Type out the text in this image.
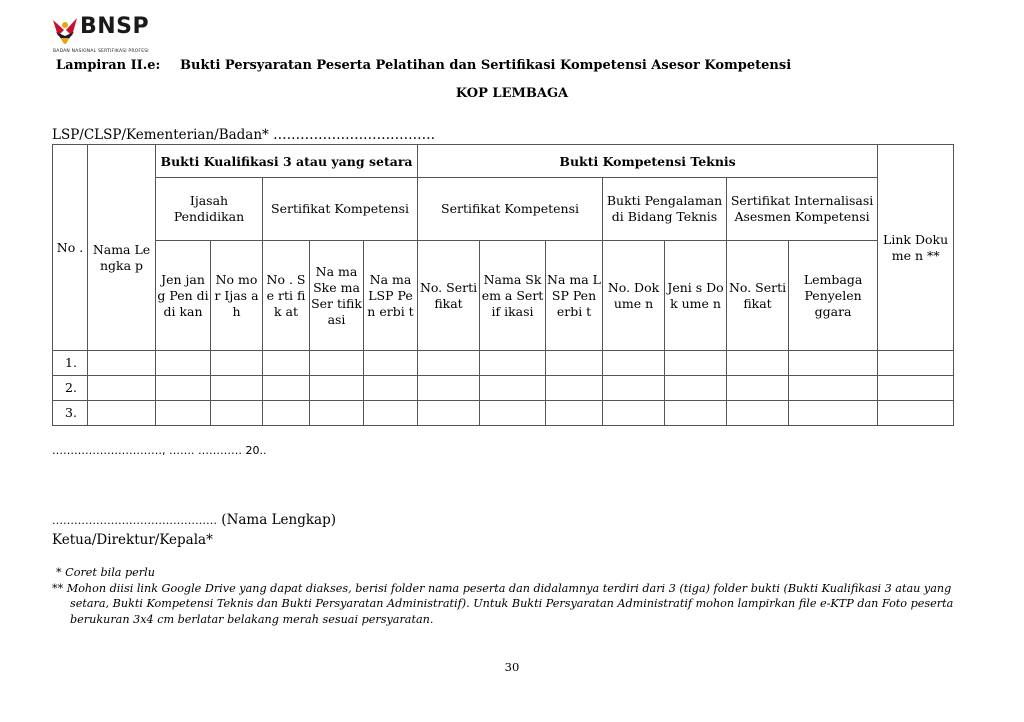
BNSP
BADAN NASIONAL SERTIFIKASI PROFESI
Lampiran II.e: Bukti Persyaratan Peserta Pelatihan dan Sertifikasi Kompetensi Asesor Kompetensi
KOP LEMBAGA
LSP/CLSP/Kementerian/Badan* ………………………………
No .	Nama Lengka p	Bukti Kualifikasi 3 atau yang setara					Bukti Kompetensi Teknis							Link Dokume n **
		Ijasah Pendidikan		Sertifikat Kompetensi			Sertifikat Kompetensi			Bukti Pengalaman di Bidang Teknis		Sertifikat Internalisasi Asesmen Kompetensi		
		Jen jan g Pen didi kan	No mo r Ijas ah	No . Se rti fik at	Na ma Ske ma Ser tifik asi	Na ma LSP Pen erbi t	No. Serti fikat	Nama Skem a Sertif ikasi	Na ma LSP Pen erbi t	No. Dok ume n	Jeni s Dok ume n	No. Serti fikat	Lembaga Penyelen ggara	
1.														
2.														
3.														
…………………………, ……. ………… 20..
……………………………………… (Nama Lengkap)
Ketua/Direktur/Kepala*
* Coret bila perlu
** Mohon diisi link Google Drive yang dapat diakses, berisi folder nama peserta dan didalamnya terdiri dari 3 (tiga) folder bukti (Bukti Kualifikasi 3 atau yang
setara, Bukti Kompetensi Teknis dan Bukti Persyaratan Administratif). Untuk Bukti Persyaratan Administratif mohon lampirkan file e-KTP dan Foto peserta
berukuran 3x4 cm berlatar belakang merah sesuai persyaratan.
30
